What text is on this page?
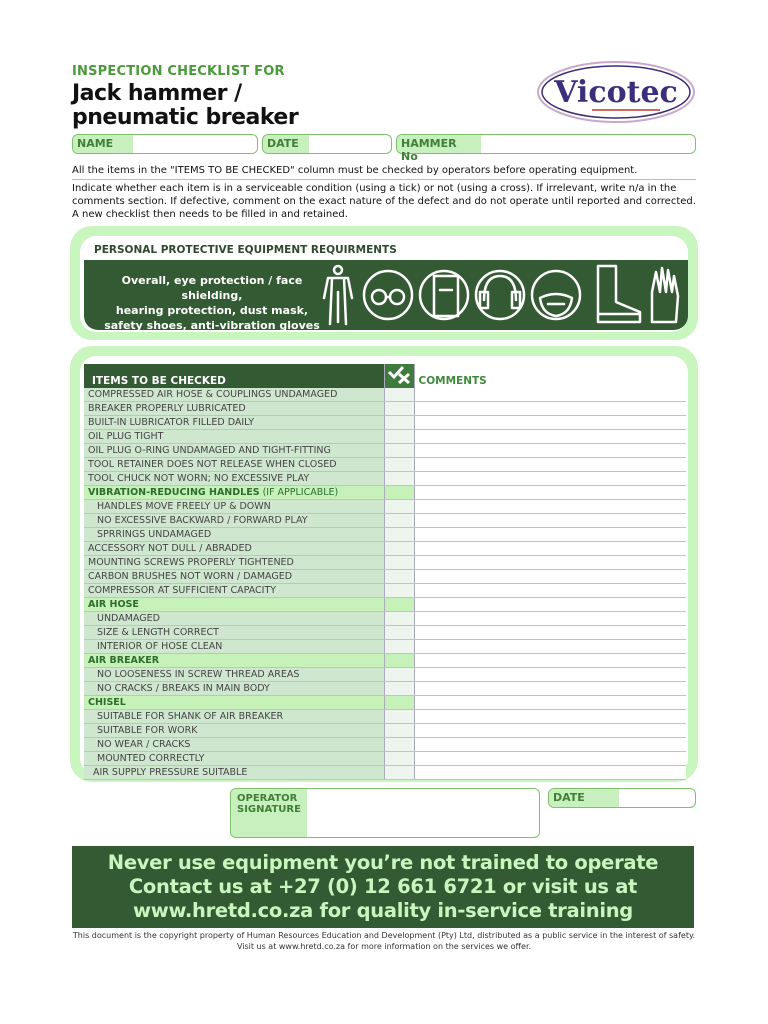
INSPECTION CHECKLIST FOR
Jack hammer /
pneumatic breaker
Vicotec
NAME	DATE	HAMMER No
All the items in the "ITEMS TO BE CHECKED" column must be checked by operators before operating equipment.
Indicate whether each item is in a serviceable condition (using a tick) or not (using a cross). If irrelevant, write n/a in the comments section. If defective, comment on the exact nature of the defect and do not operate until reported and corrected. A new checklist then needs to be filled in and retained.
PERSONAL PROTECTIVE EQUIPMENT REQUIRMENTS
Overall, eye protection / face shielding,
hearing protection, dust mask,
safety shoes, anti-vibration gloves
ITEMS TO BE CHECKED		COMMENTS
COMPRESSED AIR HOSE & COUPLINGS UNDAMAGED		
BREAKER PROPERLY LUBRICATED		
BUILT-IN LUBRICATOR FILLED DAILY		
OIL PLUG TIGHT		
OIL PLUG O-RING UNDAMAGED AND TIGHT-FITTING		
TOOL RETAINER DOES NOT RELEASE WHEN CLOSED		
TOOL CHUCK NOT WORN; NO EXCESSIVE PLAY		
VIBRATION-REDUCING HANDLES (IF APPLICABLE)		
HANDLES MOVE FREELY UP & DOWN		
NO EXCESSIVE BACKWARD / FORWARD PLAY		
SPRRINGS UNDAMAGED		
ACCESSORY NOT DULL / ABRADED		
MOUNTING SCREWS PROPERLY TIGHTENED		
CARBON BRUSHES NOT WORN / DAMAGED		
COMPRESSOR AT SUFFICIENT CAPACITY		
AIR HOSE		
UNDAMAGED		
SIZE & LENGTH CORRECT		
INTERIOR OF HOSE CLEAN		
AIR BREAKER		
NO LOOSENESS IN SCREW THREAD AREAS		
NO CRACKS / BREAKS IN MAIN BODY		
CHISEL		
SUITABLE FOR SHANK OF AIR BREAKER		
SUITABLE FOR WORK		
NO WEAR / CRACKS		
MOUNTED CORRECTLY		
AIR SUPPLY PRESSURE SUITABLE		
OPERATOR
SIGNATURE
DATE
Never use equipment you’re not trained to operate
Contact us at +27 (0) 12 661 6721 or visit us at
www.hretd.co.za for quality in-service training
This document is the copyright property of Human Resources Education and Development (Pty) Ltd, distributed as a public service in the interest of safety.
Visit us at www.hretd.co.za for more information on the services we offer.
